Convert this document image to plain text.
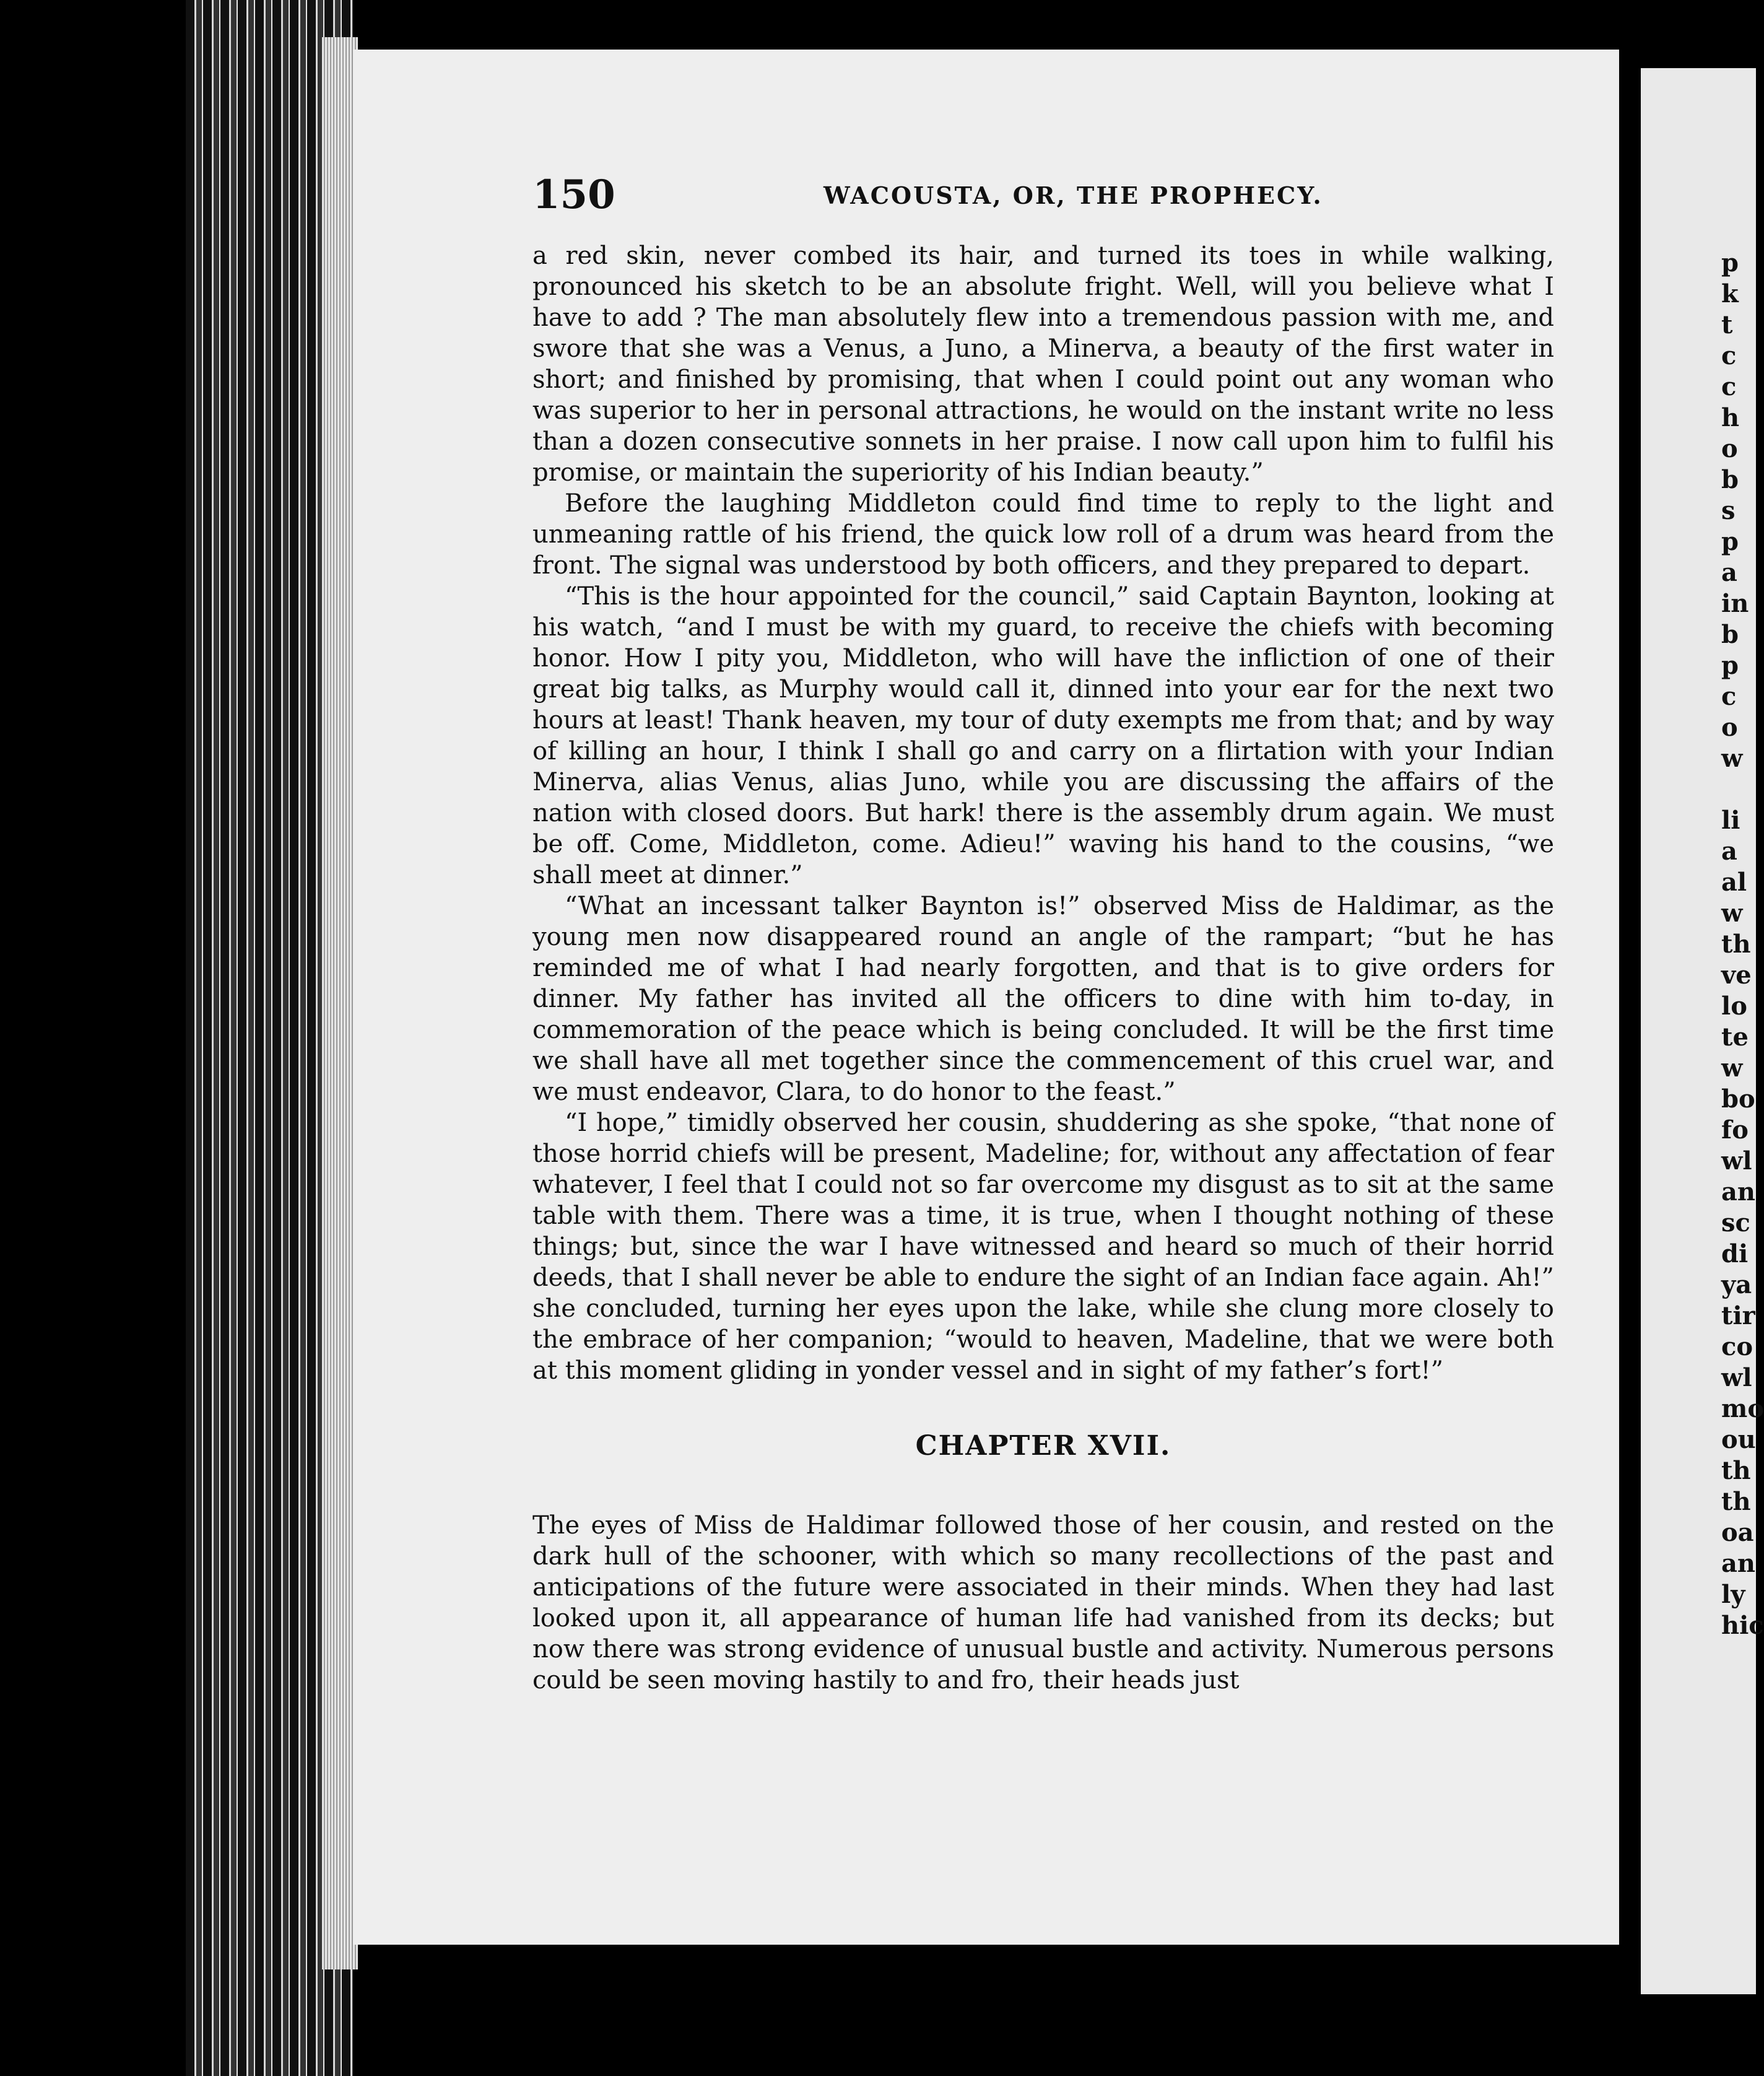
150	WACOUSTA, OR, THE PROPHECY.

a red skin, never combed its hair, and turned its toes in while walking, pronounced his sketch to be an absolute fright. Well, will you believe what I have to add ? The man absolutely flew into a tremendous passion with me, and swore that she was a Venus, a Juno, a Minerva, a beauty of the first water in short; and finished by promising, that when I could point out any woman who was superior to her in personal attractions, he would on the instant write no less than a dozen consecutive sonnets in her praise. I now call upon him to fulfil his promise, or maintain the superiority of his Indian beauty.”

Before the laughing Middleton could find time to reply to the light and unmeaning rattle of his friend, the quick low roll of a drum was heard from the front. The signal was understood by both officers, and they prepared to depart.

“This is the hour appointed for the council,” said Captain Baynton, looking at his watch, “and I must be with my guard, to receive the chiefs with becoming honor. How I pity you, Middleton, who will have the infliction of one of their great big talks, as Murphy would call it, dinned into your ear for the next two hours at least! Thank heaven, my tour of duty exempts me from that; and by way of killing an hour, I think I shall go and carry on a flirtation with your Indian Minerva, alias Venus, alias Juno, while you are discussing the affairs of the nation with closed doors. But hark! there is the assembly drum again. We must be off. Come, Middleton, come. Adieu!” waving his hand to the cousins, “we shall meet at dinner.”

“What an incessant talker Baynton is!” observed Miss de Haldimar, as the young men now disappeared round an angle of the rampart; “but he has reminded me of what I had nearly forgotten, and that is to give orders for dinner. My father has invited all the officers to dine with him to-day, in commemoration of the peace which is being concluded. It will be the first time we shall have all met together since the commencement of this cruel war, and we must endeavor, Clara, to do honor to the feast.”

“I hope,” timidly observed her cousin, shuddering as she spoke, “that none of those horrid chiefs will be present, Madeline; for, without any affectation of fear whatever, I feel that I could not so far overcome my disgust as to sit at the same table with them. There was a time, it is true, when I thought nothing of these things; but, since the war I have witnessed and heard so much of their horrid deeds, that I shall never be able to endure the sight of an Indian face again. Ah!” she concluded, turning her eyes upon the lake, while she clung more closely to the embrace of her companion; “would to heaven, Madeline, that we were both at this moment gliding in yonder vessel and in sight of my father’s fort!”

CHAPTER XVII.

The eyes of Miss de Haldimar followed those of her cousin, and rested on the dark hull of the schooner, with which so many recollections of the past and anticipations of the future were associated in their minds. When they had last looked upon it, all appearance of human life had vanished from its decks; but now there was strong evidence of unusual bustle and activity. Numerous persons could be seen moving hastily to and fro, their heads just

p
k
t
c
c
h
o
b
s
p
a
in
b
p
c
o
w
li
a
al
w
th
ve
lo
te
w
bo
fo
wl
an
sc
di
ya
tir
co
wl
mo
ou
th
th
oa
an
ly
hic
